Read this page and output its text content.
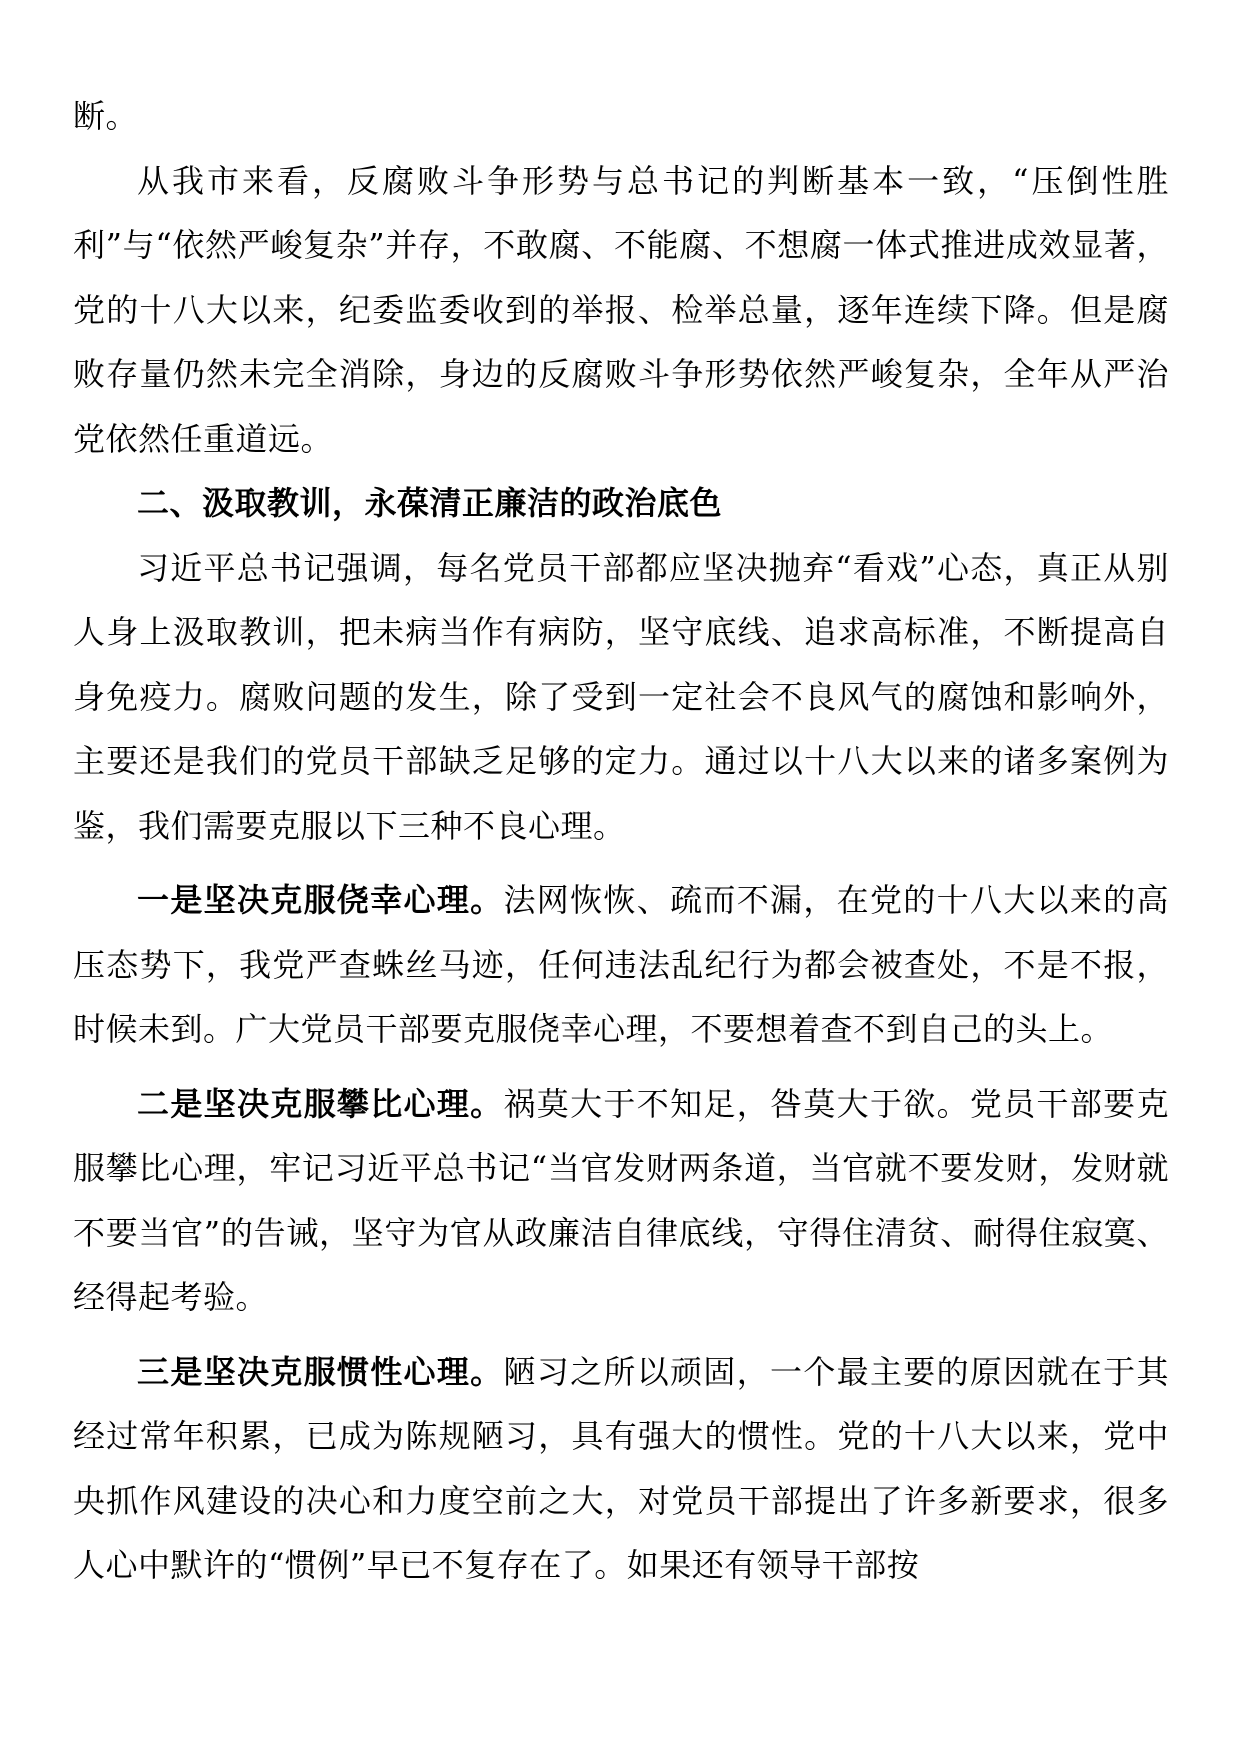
断。

从我市来看，反腐败斗争形势与总书记的判断基本一致，“压倒性胜利”与“依然严峻复杂”并存，不敢腐、不能腐、不想腐一体式推进成效显著，党的十八大以来，纪委监委收到的举报、检举总量，逐年连续下降。但是腐败存量仍然未完全消除，身边的反腐败斗争形势依然严峻复杂，全年从严治党依然任重道远。

二、汲取教训，永葆清正廉洁的政治底色

习近平总书记强调，每名党员干部都应坚决抛弃“看戏”心态，真正从别人身上汲取教训，把未病当作有病防，坚守底线、追求高标准，不断提高自身免疫力。腐败问题的发生，除了受到一定社会不良风气的腐蚀和影响外，主要还是我们的党员干部缺乏足够的定力。通过以十八大以来的诸多案例为鉴，我们需要克服以下三种不良心理。

一是坚决克服侥幸心理。法网恢恢、疏而不漏，在党的十八大以来的高压态势下，我党严查蛛丝马迹，任何违法乱纪行为都会被查处，不是不报，时候未到。广大党员干部要克服侥幸心理，不要想着查不到自己的头上。

二是坚决克服攀比心理。祸莫大于不知足，咎莫大于欲。党员干部要克服攀比心理，牢记习近平总书记“当官发财两条道，当官就不要发财，发财就不要当官”的告诫，坚守为官从政廉洁自律底线，守得住清贫、耐得住寂寞、经得起考验。

三是坚决克服惯性心理。陋习之所以顽固，一个最主要的原因就在于其经过常年积累，已成为陈规陋习，具有强大的惯性。党的十八大以来，党中央抓作风建设的决心和力度空前之大，对党员干部提出了许多新要求，很多人心中默许的“惯例”早已不复存在了。如果还有领导干部按
